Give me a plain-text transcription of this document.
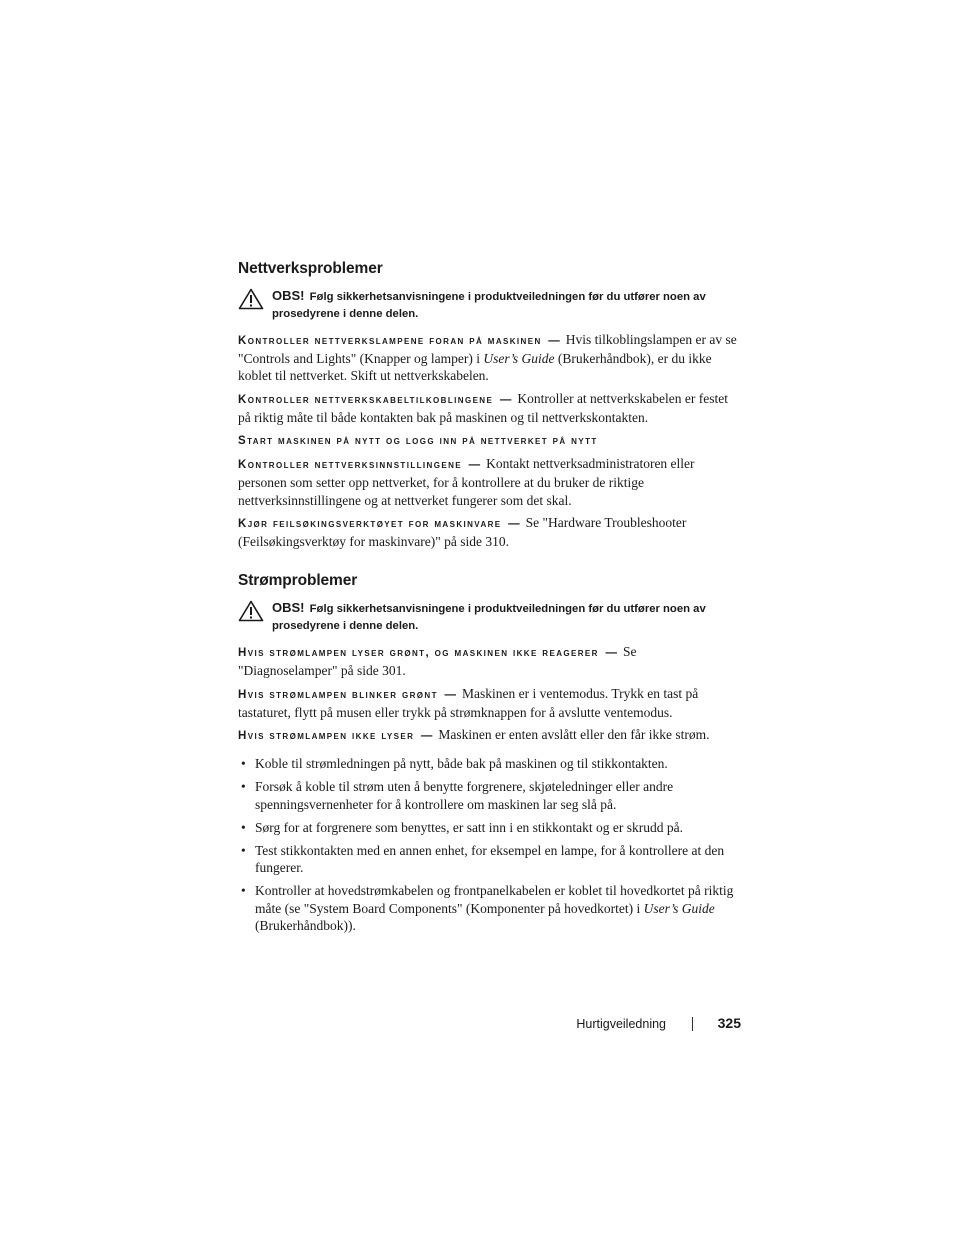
Nettverksproblemer
OBS! Følg sikkerhetsanvisningene i produktveiledningen før du utfører noen av prosedyrene i denne delen.

Kontroller nettverkslampene foran på maskinen — Hvis tilkoblingslampen er av se "Controls and Lights" (Knapper og lamper) i User’s Guide (Brukerhåndbok), er du ikke koblet til nettverket. Skift ut nettverkskabelen.

Kontroller nettverkskabeltilkoblingene — Kontroller at nettverkskabelen er festet på riktig måte til både kontakten bak på maskinen og til nettverkskontakten.

Start maskinen på nytt og logg inn på nettverket på nytt

Kontroller nettverksinnstillingene — Kontakt nettverksadministratoren eller personen som setter opp nettverket, for å kontrollere at du bruker de riktige nettverksinnstillingene og at nettverket fungerer som det skal.

Kjør feilsøkingsverktøyet for maskinvare — Se "Hardware Troubleshooter (Feilsøkingsverktøy for maskinvare)" på side 310.

Strømproblemer
OBS! Følg sikkerhetsanvisningene i produktveiledningen før du utfører noen av prosedyrene i denne delen.

Hvis strømlampen lyser grønt, og maskinen ikke reagerer — Se "Diagnoselamper" på side 301.

Hvis strømlampen blinker grønt — Maskinen er i ventemodus. Trykk en tast på tastaturet, flytt på musen eller trykk på strømknappen for å avslutte ventemodus.

Hvis strømlampen ikke lyser — Maskinen er enten avslått eller den får ikke strøm.

• Koble til strømledningen på nytt, både bak på maskinen og til stikkontakten.
• Forsøk å koble til strøm uten å benytte forgrenere, skjøteledninger eller andre spenningsvernenheter for å kontrollere om maskinen lar seg slå på.
• Sørg for at forgrenere som benyttes, er satt inn i en stikkontakt og er skrudd på.
• Test stikkontakten med en annen enhet, for eksempel en lampe, for å kontrollere at den fungerer.
• Kontroller at hovedstrømkabelen og frontpanelkabelen er koblet til hovedkortet på riktig måte (se "System Board Components" (Komponenter på hovedkortet) i User’s Guide (Brukerhåndbok)).
Hurtigveiledning	325
